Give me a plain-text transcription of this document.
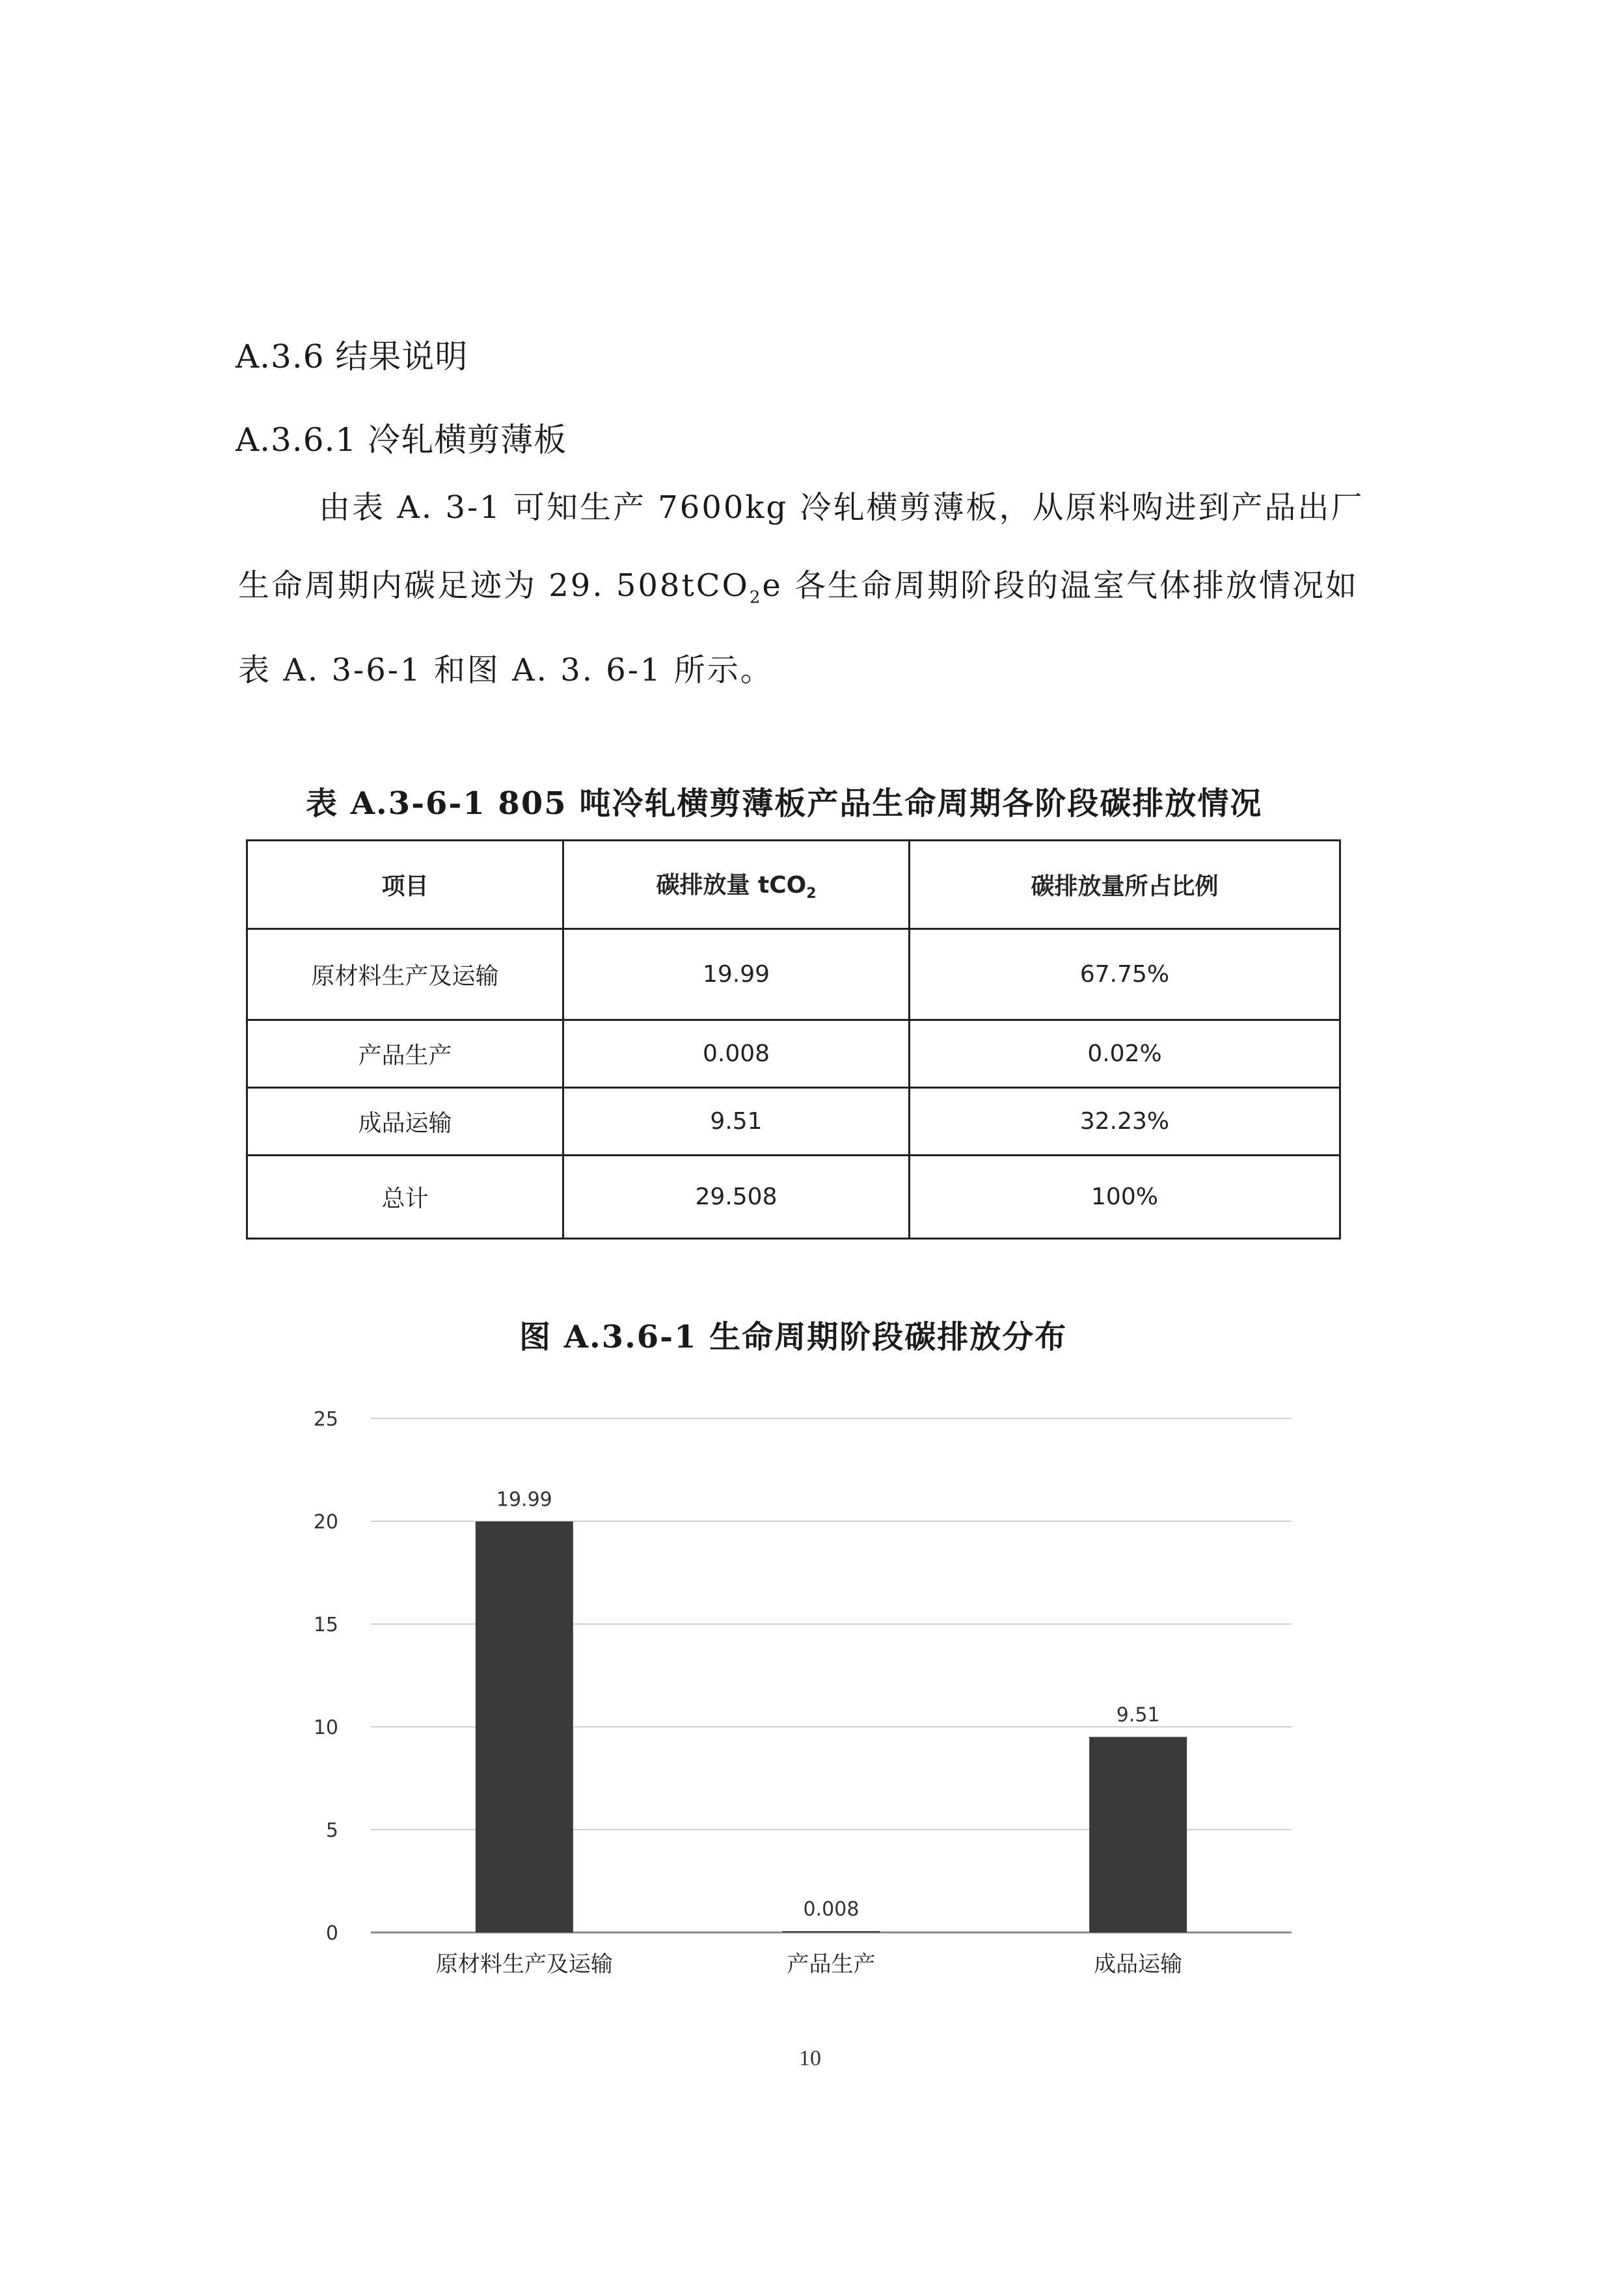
A.3.6 结果说明
A.3.6.1 冷轧横剪薄板
由表 A. 3-1 可知生产 7600kg 冷轧横剪薄板，从原料购进到产品出厂
生命周期内碳足迹为 29. 508tCO$_2$e 各生命周期阶段的温室气体排放情况如
表 A. 3-6-1 和图 A. 3. 6-1 所示。
表 A.3-6-1 805 吨冷轧横剪薄板产品生命周期各阶段碳排放情况
项目	碳排放量 tCO$_2$	碳排放量所占比例
原材料生产及运输	19.99	67.75%
产品生产	0.008	0.02%
成品运输	9.51	32.23%
总计	29.508	100%
图 A.3.6-1 生命周期阶段碳排放分布
0
5
10
15
20
25
19.99
原材料生产及运输
0.008
产品生产
9.51
成品运输
10
